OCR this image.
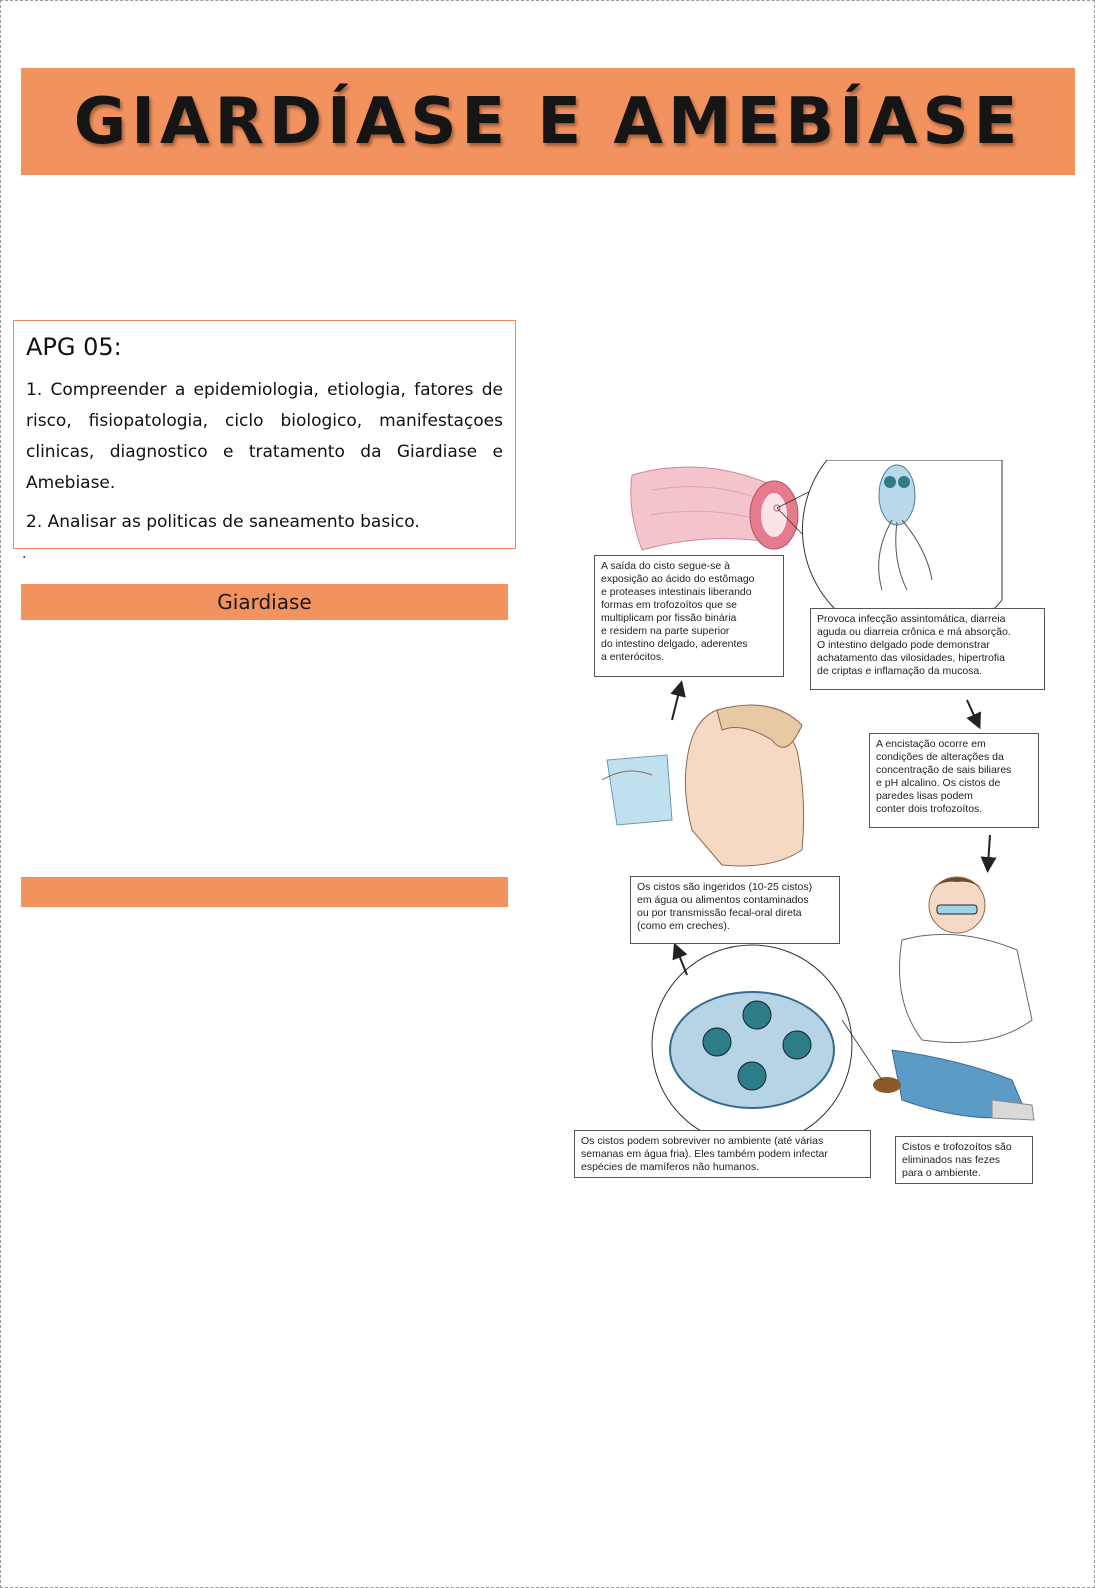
GIARDÍASE E AMEBÍASE
APG 05:

1. Compreender a epidemiologia, etiologia, fatores de risco, fisiopatologia, ciclo biologico, manifestaçoes clinicas, diagnostico e tratamento da Giardiase e Amebiase.

2. Analisar as politicas de saneamento basico.

.
Giardiase
A saída do cisto segue-se à
exposição ao ácido do estômago
e proteases intestinais liberando
formas em trofozoítos que se
multiplicam por fissão binária
e residem na parte superior
do intestino delgado, aderentes
a enterócitos.
Provoca infecção assintomática, diarreia
aguda ou diarreia crônica e má absorção.
O intestino delgado pode demonstrar
achatamento das vilosidades, hipertrofia
de criptas e inflamação da mucosa.
A encistação ocorre em
condições de alterações da
concentração de sais biliares
e pH alcalino. Os cistos de
paredes lisas podem
conter dois trofozoítos.
Os cistos são ingeridos (10-25 cistos)
em água ou alimentos contaminados
ou por transmissão fecal-oral direta
(como em creches).
Os cistos podem sobreviver no ambiente (até várias
semanas em água fria). Eles também podem infectar
espécies de mamíferos não humanos.
Cistos e trofozoítos são
eliminados nas fezes
para o ambiente.
